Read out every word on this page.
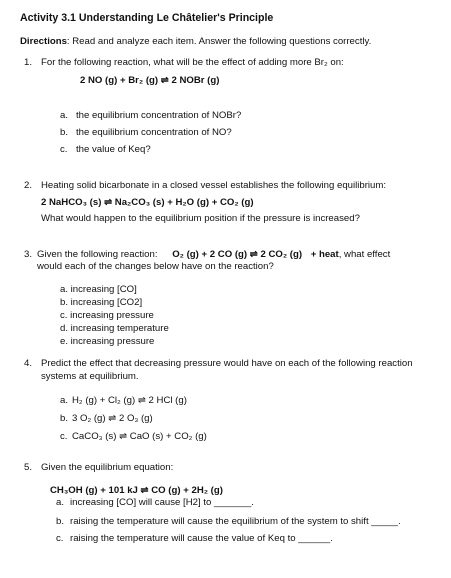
Activity 3.1 Understanding Le Châtelier's Principle
Directions: Read and analyze each item. Answer the following questions correctly.
1. For the following reaction, what will be the effect of adding more Br₂ on:
2 NO (g) + Br₂ (g) ⇌ 2 NOBr (g)
a. the equilibrium concentration of NOBr?
b. the equilibrium concentration of NO?
c. the value of Keq?
2. Heating solid bicarbonate in a closed vessel establishes the following equilibrium:
2 NaHCO₃ (s) ⇌ Na₂CO₃ (s) + H₂O (g) + CO₂ (g)
What would happen to the equilibrium position if the pressure is increased?
3. Given the following reaction: O₂ (g) + 2 CO (g) ⇌ 2 CO₂ (g) + heat, what effect
would each of the changes below have on the reaction?
a. increasing [CO]
b. increasing [CO2]
c. increasing pressure
d. increasing temperature
e. increasing pressure
4. Predict the effect that decreasing pressure would have on each of the following reaction
systems at equilibrium.
a. H₂ (g) + Cl₂ (g) ⇌ 2 HCl (g)
b. 3 O₂ (g) ⇌ 2 O₃ (g)
c. CaCO₃ (s) ⇌ CaO (s) + CO₂ (g)
5. Given the equilibrium equation:
CH₃OH (g) + 101 kJ ⇌ CO (g) + 2H₂ (g)
a. increasing [CO] will cause [H2] to _______.
b. raising the temperature will cause the equilibrium of the system to shift _____.
c. raising the temperature will cause the value of Keq to ______.
